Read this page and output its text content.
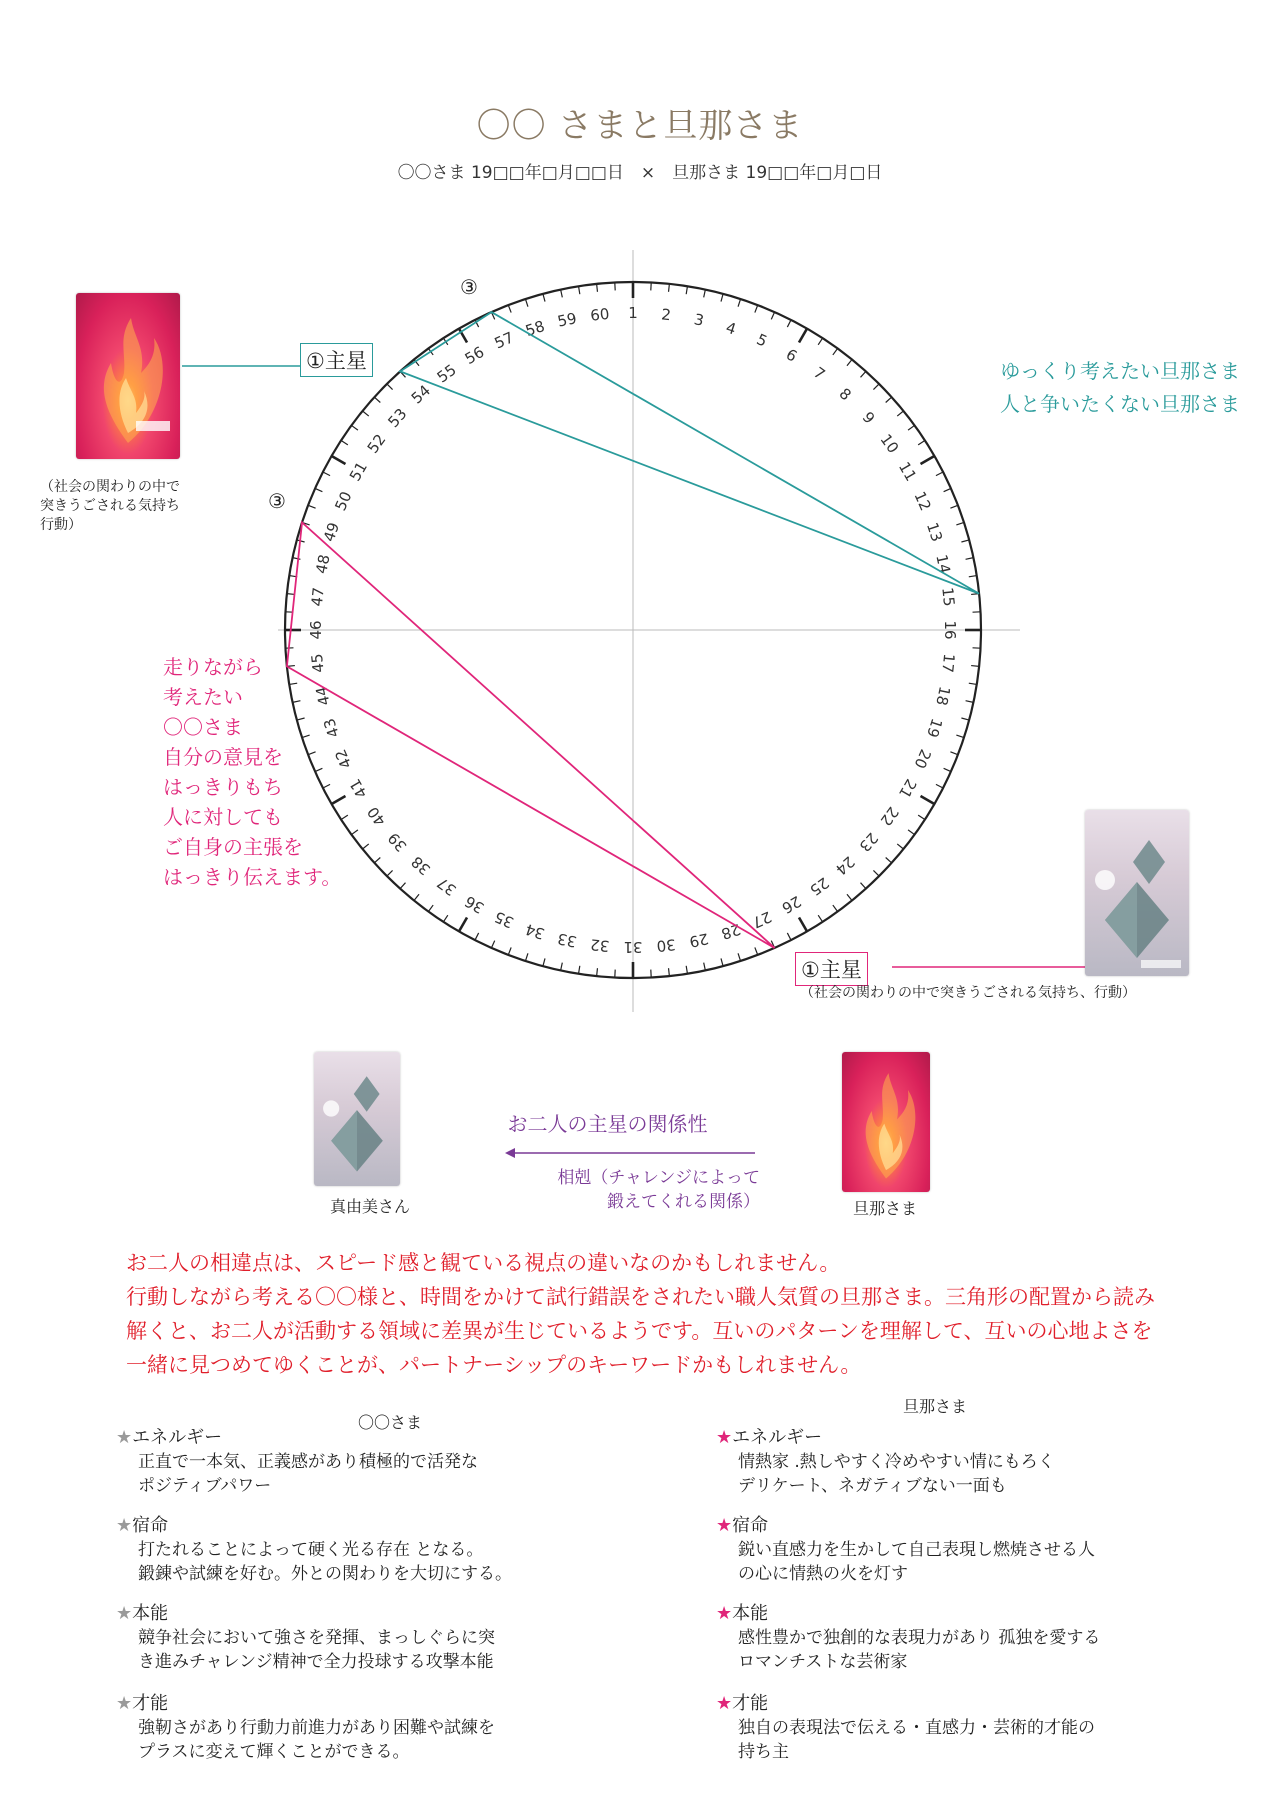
〇〇 さまと旦那さま
〇〇さま 19□□年□月□□日　×　旦那さま 19□□年□月□日
1 2 3 4
5
6
7
8
9
10
11
12
13
14
15
16
17
18
19
20
21
22
23
24
25
26
27
28
29
30
31
32
33
34
35
36
37
38
39
40
41
42
43
44
45
46
47
48
49
50
51
52
53
54
55
56
57 58 59 60
①主星
①主星
③
③
（社会の関わりの中で
突きうごされる気持ち
行動）
（社会の関わりの中で突きうごされる気持ち、行動）
ゆっくり考えたい旦那さま
人と争いたくない旦那さま
走りながら
考えたい
〇〇さま
自分の意見を
はっきりもち
人に対しても
ご自身の主張を
はっきり伝えます。
お二人の主星の関係性
相剋（チャレンジによって
鍛えてくれる関係）
真由美さん	旦那さま
お二人の相違点は、スピード感と観ている視点の違いなのかもしれません。
行動しながら考える〇〇様と、時間をかけて試行錯誤をされたい職人気質の旦那さま。三角形の配置から読み解くと、お二人が活動する領域に差異が生じているようです。互いのパターンを理解して、互いの心地よさを一緒に見つめてゆくことが、パートナーシップのキーワードかもしれません。
〇〇さま
旦那さま
★エネルギー
正直で一本気、正義感があり積極的で活発な
ポジティブパワー
★宿命
打たれることによって硬く光る存在 となる。
鍛錬や試練を好む。外との関わりを大切にする。
★本能
競争社会において強さを発揮、まっしぐらに突
き進みチャレンジ精神で全力投球する攻撃本能
★才能
強靭さがあり行動力前進力があり困難や試練を
プラスに変えて輝くことができる。
★エネルギー
情熱家 .熱しやすく冷めやすい情にもろく
デリケート、ネガティブない一面も
★宿命
鋭い直感力を生かして自己表現し燃焼させる人
の心に情熱の火を灯す
★本能
感性豊かで独創的な表現力があり 孤独を愛する
ロマンチストな芸術家
★才能
独自の表現法で伝える・直感力・芸術的才能の
持ち主
